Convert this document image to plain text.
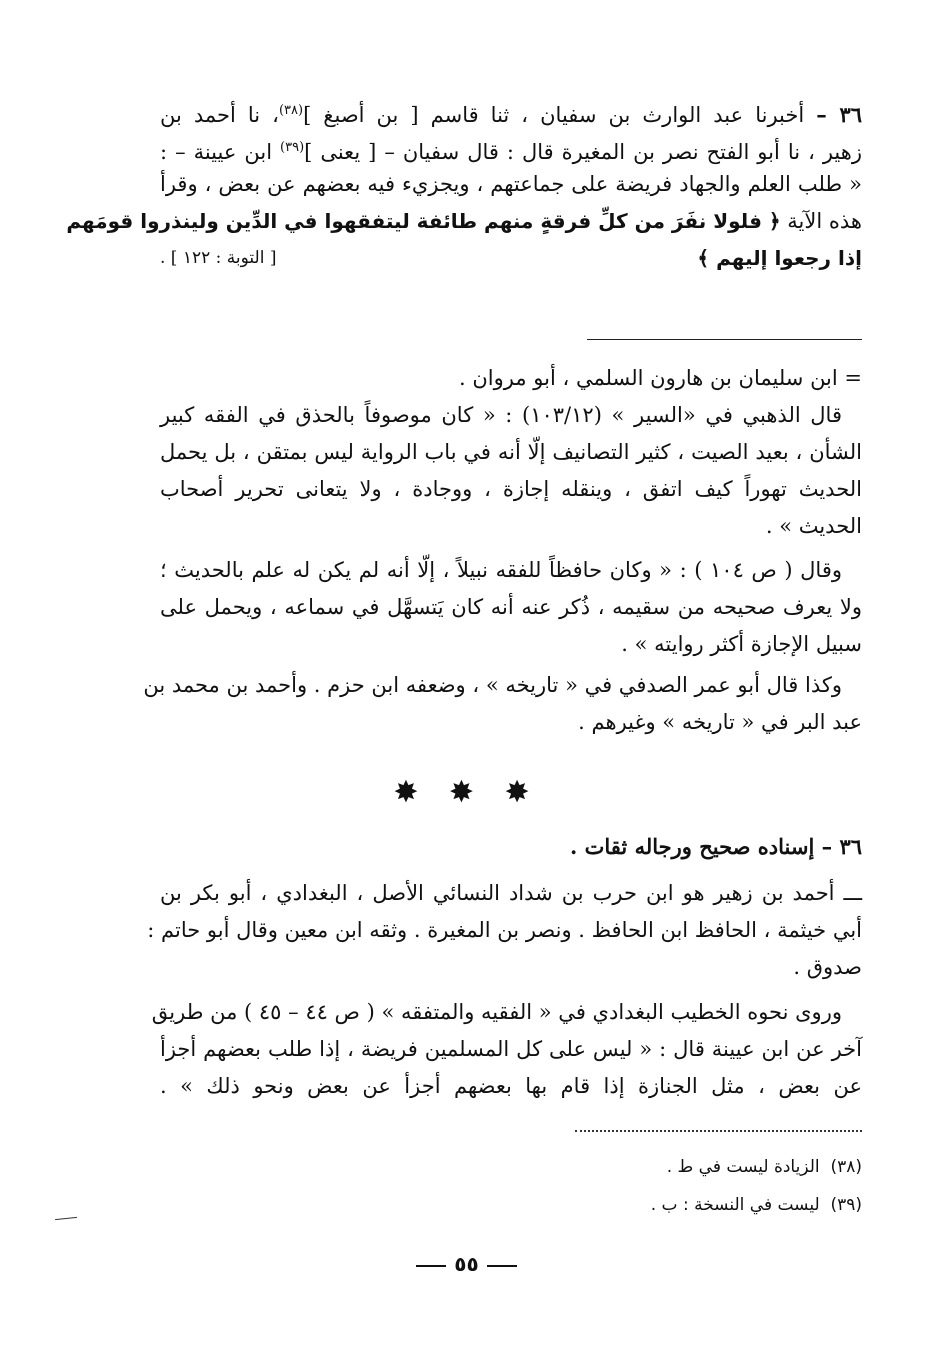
٣٦ – أخبرنا عبد الوارث بن سفيان ، ثنا قاسم [ بن أصبغ ]$^{(٣٨)}$، نا أحمد بن
زهير ، نا أبو الفتح نصر بن المغيرة قال : قال سفيان – [ يعنى ]$^{(٣٩)}$ ابن عيينة – :
« طلب العلم والجهاد فريضة على جماعتهم ، ويجزيء فيه بعضهم عن بعض ، وقرأ
هذه الآية ﴿ فلولا نفَرَ من كلِّ فرقةٍ منهم طائفة ليتفقهوا في الدِّين ولينذروا قومَهم
إذا رجعوا إليهم ﴾
[ التوبة : ١٢٢ ] .
= ابن سليمان بن هارون السلمي ، أبو مروان .
قال الذهبي في «السير » (١٠٣/١٢) : « كان موصوفاً بالحذق في الفقه كبير
الشأن ، بعيد الصيت ، كثير التصانيف إلّا أنه في باب الرواية ليس بمتقن ، بل يحمل
الحديث تهوراً كيف اتفق ، وينقله إجازة ، ووجادة ، ولا يتعانى تحرير أصحاب
الحديث » .
وقال ( ص ١٠٤ ) : « وكان حافظاً للفقه نبيلاً ، إلّا أنه لم يكن له علم بالحديث ؛
ولا يعرف صحيحه من سقيمه ، ذُكر عنه أنه كان يَتسهَّل في سماعه ، ويحمل على
سبيل الإجازة أكثر روايته » .
وكذا قال أبو عمر الصدفي في « تاريخه » ، وضعفه ابن حزم . وأحمد بن محمد بن
عبد البر في « تاريخه » وغيرهم .
✸ ✸ ✸
٣٦ – إسناده صحيح ورجاله ثقات .
ـــ أحمد بن زهير هو ابن حرب بن شداد النسائي الأصل ، البغدادي ، أبو بكر بن
أبي خيثمة ، الحافظ ابن الحافظ . ونصر بن المغيرة . وثقه ابن معين وقال أبو حاتم :
صدوق .
وروى نحوه الخطيب البغدادي في « الفقيه والمتفقه » ( ص ٤٤ – ٤٥ ) من طريق
آخر عن ابن عيينة قال : « ليس على كل المسلمين فريضة ، إذا طلب بعضهم أجزأ
عن بعض ، مثل الجنازة إذا قام بها بعضهم أجزأ عن بعض ونحو ذلك » .
(٣٨)  الزيادة ليست في ط .
(٣٩)  ليست في النسخة : ب .
٥٥
